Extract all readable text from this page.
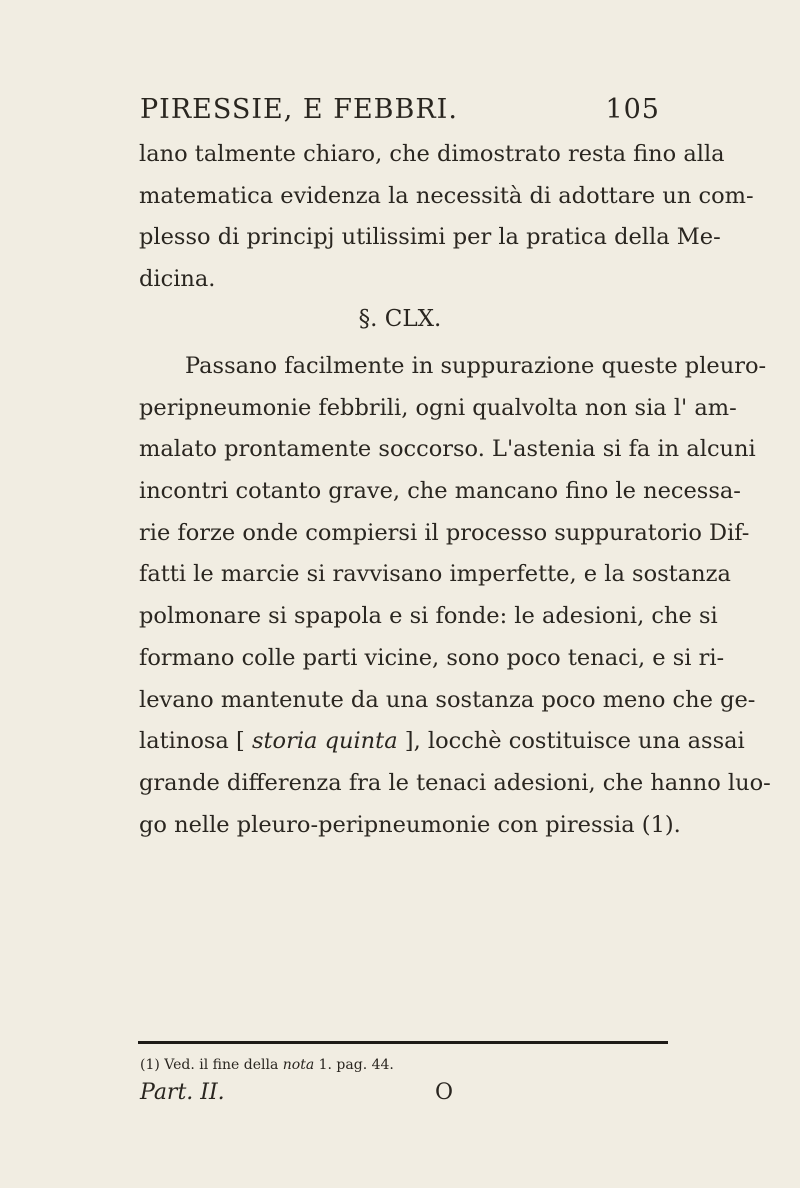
PIRESSIE, E FEBBRI.	105
lano talmente chiaro, che dimostrato resta fino alla
matematica evidenza la necessità di adottare un com-
plesso di principj utilissimi per la pratica della Me-
dicina.
§. CLX.
Passano facilmente in suppurazione queste pleuro-
peripneumonie febbrili, ogni qualvolta non sia l' am-
malato prontamente soccorso. L'astenia si fa in alcuni
incontri cotanto grave, che mancano fino le necessa-
rie forze onde compiersi il processo suppuratorio Dif-
fatti le marcie si ravvisano imperfette, e la sostanza
polmonare si spapola e si fonde: le adesioni, che si
formano colle parti vicine, sono poco tenaci, e si ri-
levano mantenute da una sostanza poco meno che ge-
latinosa [ storia quinta ], locchè costituisce una assai
grande differenza fra le tenaci adesioni, che hanno luo-
go nelle pleuro-peripneumonie con piressia (1).
(1) Ved. il fine della nota 1. pag. 44.
Part. II.	O
